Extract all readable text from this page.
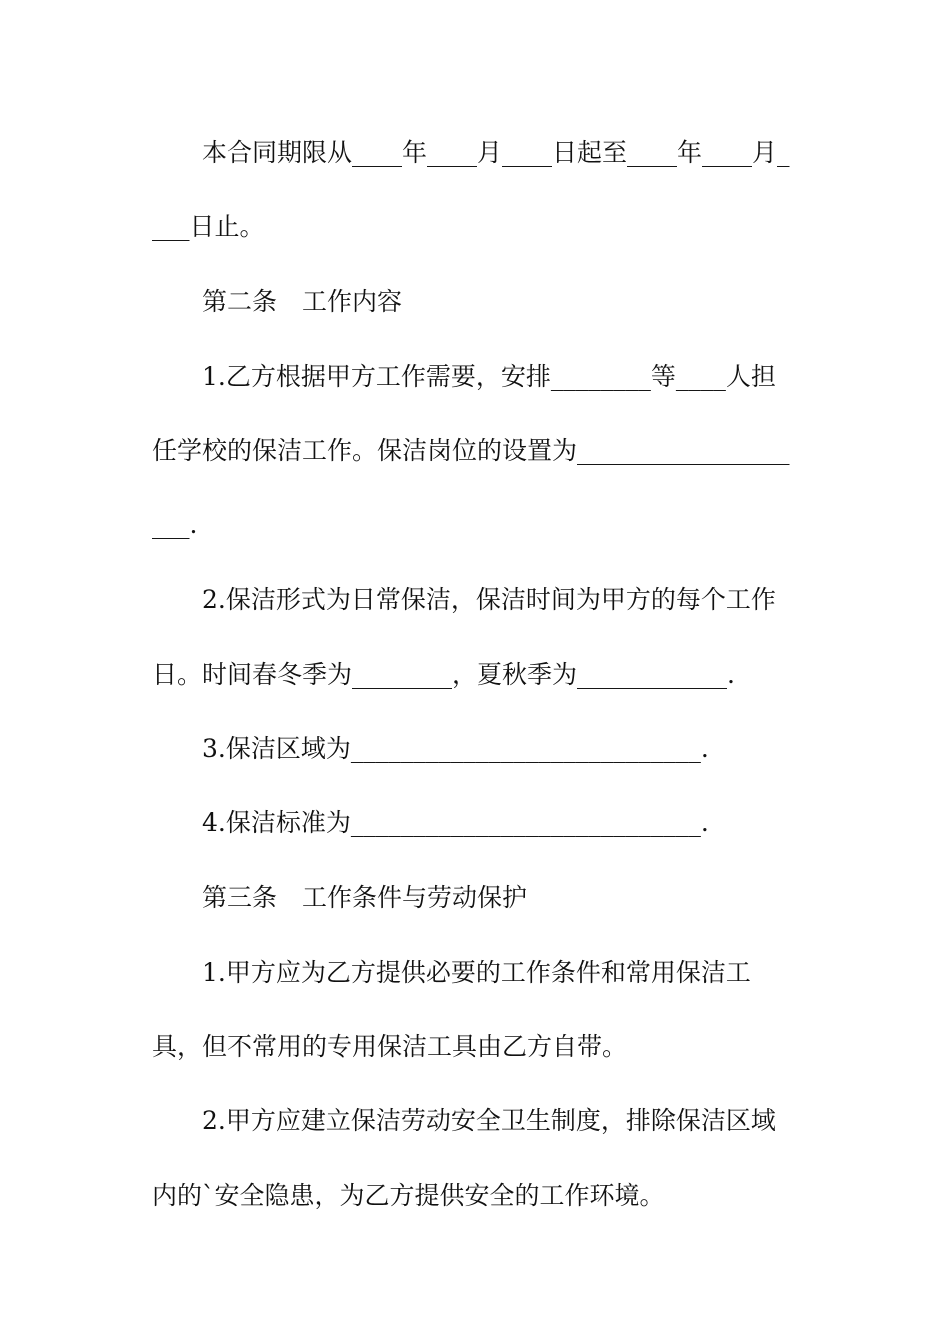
本合同期限从____年____月____日起至____年____月_

___日止。

第二条　工作内容

1.乙方根据甲方工作需要，安排________等____人担

任学校的保洁工作。保洁岗位的设置为_________________

___.

2.保洁形式为日常保洁，保洁时间为甲方的每个工作

日。时间春冬季为________，夏秋季为____________.

3.保洁区域为____________________________.

4.保洁标准为____________________________.

第三条　工作条件与劳动保护

1.甲方应为乙方提供必要的工作条件和常用保洁工

具，但不常用的专用保洁工具由乙方自带。

2.甲方应建立保洁劳动安全卫生制度，排除保洁区域

内的`安全隐患，为乙方提供安全的工作环境。
